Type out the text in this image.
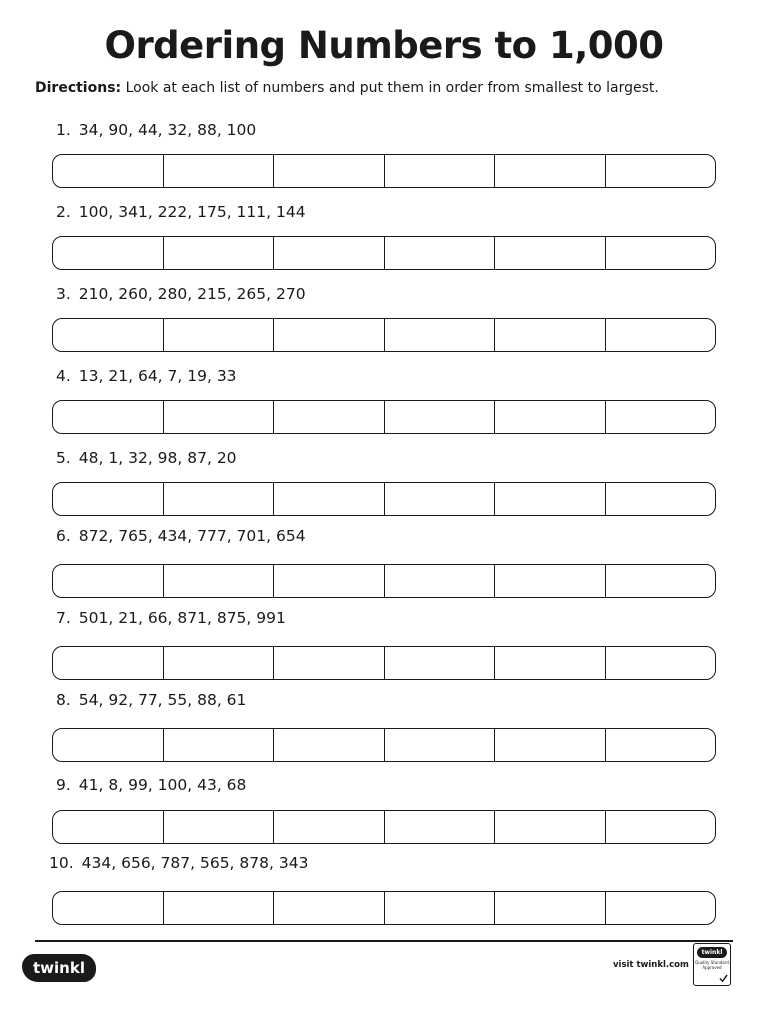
Ordering Numbers to 1,000
Directions: Look at each list of numbers and put them in order from smallest to largest.
1. 34, 90, 44, 32, 88, 100
2. 100, 341, 222, 175, 111, 144
3. 210, 260, 280, 215, 265, 270
4. 13, 21, 64, 7, 19, 33
5. 48, 1, 32, 98, 87, 20
6. 872, 765, 434, 777, 701, 654
7. 501, 21, 66, 871, 875, 991
8. 54, 92, 77, 55, 88, 61
9. 41, 8, 99, 100, 43, 68
10. 434, 656, 787, 565, 878, 343
twinkl	visit twinkl.com
twinkl
Quality Standard Approved
